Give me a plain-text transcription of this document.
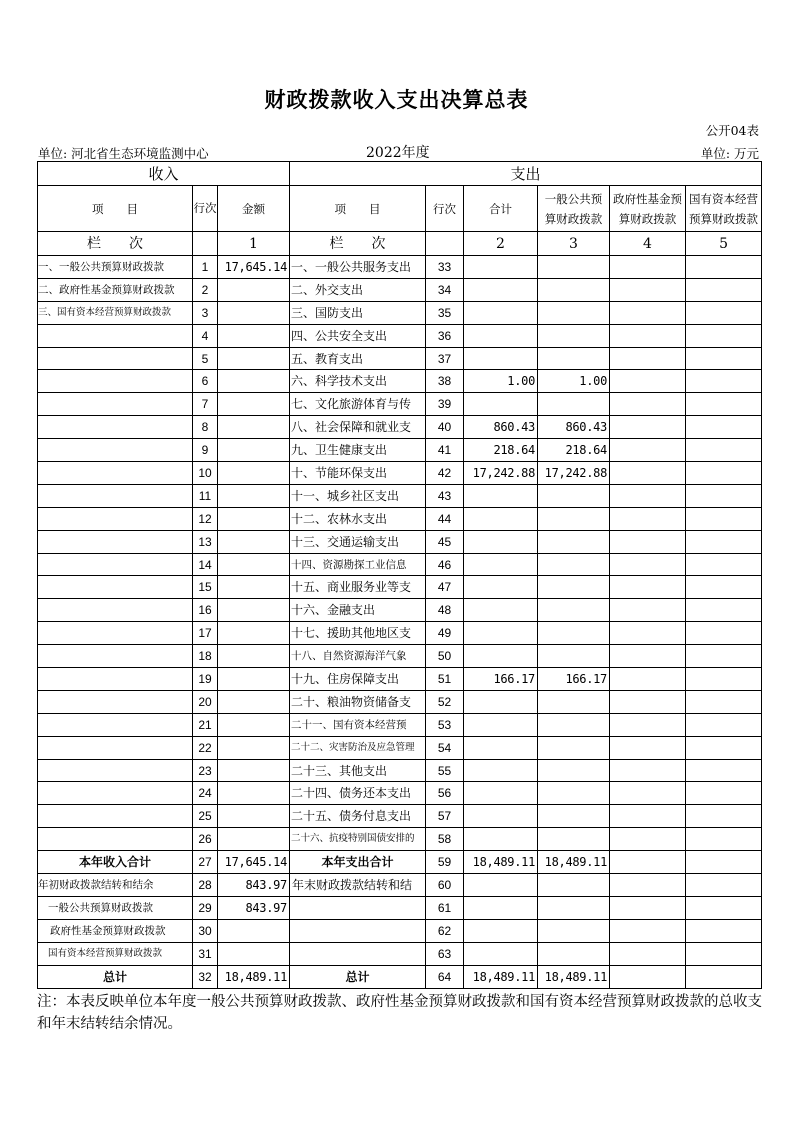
财政拨款收入支出决算总表
公开04表
单位: 河北省生态环境监测中心	2022年度	单位: 万元
收入			支出					
项　　目	行次	金额	项　　目	行次	合计	一般公共预算财政拨款	政府性基金预算财政拨款	国有资本经营预算财政拨款
栏　　次		1	栏　　次		2	3	4	5
一、一般公共预算财政拨款	1	17,645.14	一、一般公共服务支出	33				
二、政府性基金预算财政拨款	2		二、外交支出	34				
三、国有资本经营预算财政拨款	3		三、国防支出	35				
	4		四、公共安全支出	36				
	5		五、教育支出	37				
	6		六、科学技术支出	38	1.00	1.00		
	7		七、文化旅游体育与传	39				
	8		八、社会保障和就业支	40	860.43	860.43		
	9		九、卫生健康支出	41	218.64	218.64		
	10		十、节能环保支出	42	17,242.88	17,242.88		
	11		十一、城乡社区支出	43				
	12		十二、农林水支出	44				
	13		十三、交通运输支出	45				
	14		十四、资源勘探工业信息	46				
	15		十五、商业服务业等支	47				
	16		十六、金融支出	48				
	17		十七、援助其他地区支	49				
	18		十八、自然资源海洋气象	50				
	19		十九、住房保障支出	51	166.17	166.17		
	20		二十、粮油物资储备支	52				
	21		二十一、国有资本经营预	53				
	22		二十二、灾害防治及应急管理	54				
	23		二十三、其他支出	55				
	24		二十四、债务还本支出	56				
	25		二十五、债务付息支出	57				
	26		二十六、抗疫特别国债安排的	58				
本年收入合计	27	17,645.14	本年支出合计	59	18,489.11	18,489.11		
年初财政拨款结转和结余	28	843.97	年末财政拨款结转和结	60				
一般公共预算财政拨款	29	843.97		61				
政府性基金预算财政拨款	30			62				
国有资本经营预算财政拨款	31			63				
总计	32	18,489.11	总计	64	18,489.11	18,489.11		
注：本表反映单位本年度一般公共预算财政拨款、政府性基金预算财政拨款和国有资本经营预算财政拨款的总收支和年末结转结余情况。
